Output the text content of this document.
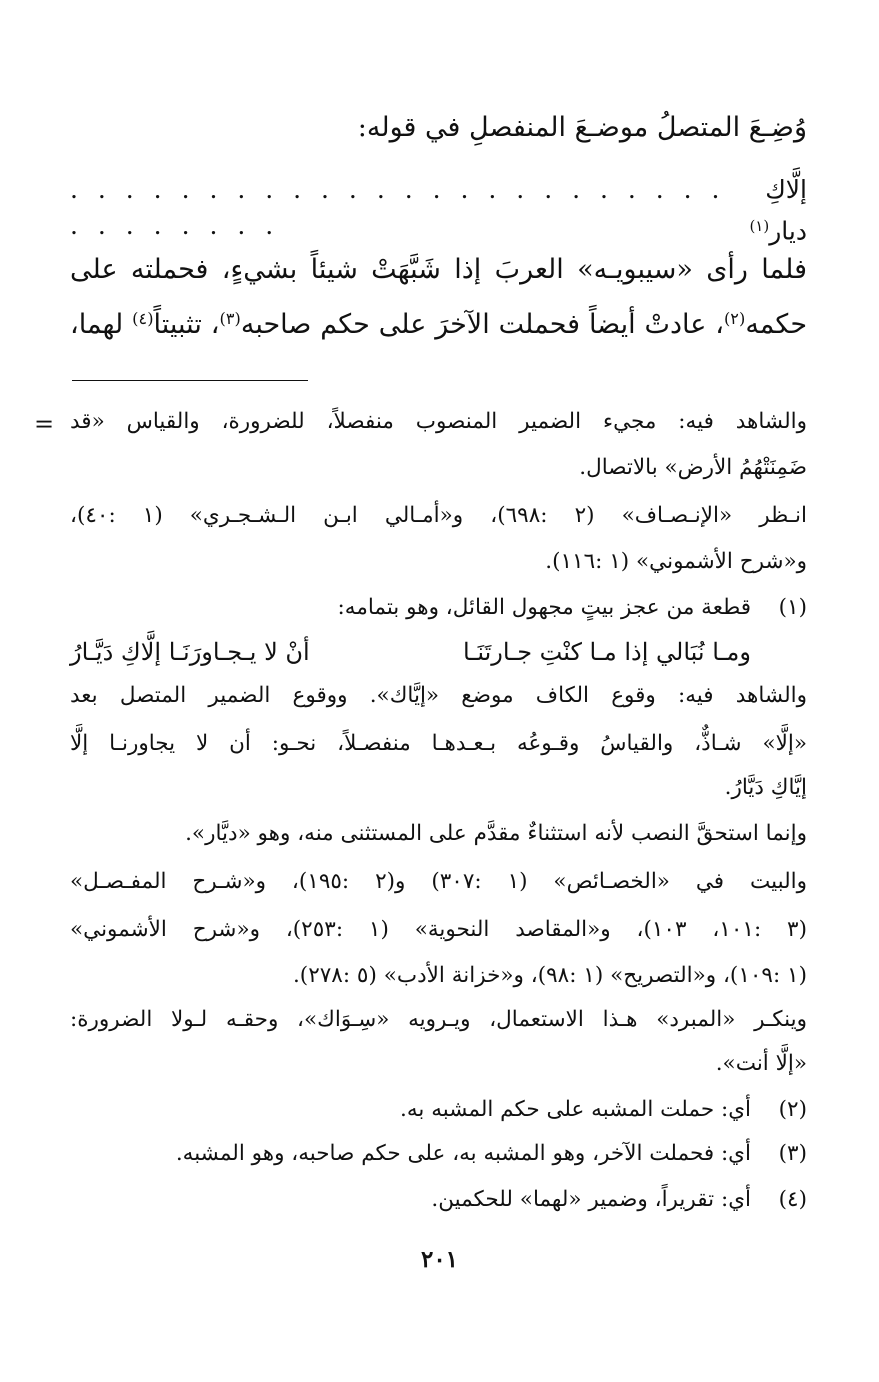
وُضِـعَ المتصلُ موضـعَ المنفصلِ في قوله:

إلَّاكِ ديار$^{(١)}$
. . . . . . . . . . . . . . . . . . . . . . . . . . . . . . . .

فلما رأى «سيبويـه» العربَ إذا شَبَّهَتْ شيئاً بشيءٍ، فحملته على

حكمه$^{(٢)}$، عادتْ أيضاً فحملت الآخرَ على حكم صاحبه$^{(٣)}$، تثبيتاً$^{(٤)}$ لهما،

= والشاهد فيه: مجيء الضمير المنصوب منفصلاً، للضرورة، والقياس «قد

ضَمِنَتْهُمُ الأرض» بالاتصال.

انـظر «الإنـصـاف» (٢ :٦٩٨)، و«أمـالي ابـن الـشـجـري» (١ :٤٠)،

و«شرح الأشموني» (١ :١١٦).

(١)

قطعة من عجز بيتٍ مجهول القائل، وهو بتمامه:

ومـا نُبَالي إذا مـا كنْتِ جـارتَنَـا
أنْ لا يـجـاورَنَـا إلَّاكِ دَيَّـارُ

والشاهد فيه: وقوع الكاف موضع «إيَّاك». ووقوع الضمير المتصل بعد

«إلَّا» شـاذٌّ، والقياسُ وقـوعُه بـعـدهـا منفصـلاً، نحـو: أن لا يجاورنـا إلَّا

إيَّاكِ دَيَّارُ.

وإنما استحقَّ النصب لأنه استثناءٌ مقدَّم على المستثنى منه، وهو «ديَّار».

والبيت في «الخصـائص» (١ :٣٠٧) و(٢ :١٩٥)، و«شـرح المفـصـل»

(٣ :١٠١، ١٠٣)، و«المقاصد النحوية» (١ :٢٥٣)، و«شرح الأشموني»

(١ :١٠٩)، و«التصريح» (١ :٩٨)، و«خزانة الأدب» (٥ :٢٧٨).

وينكـر «المبرد» هـذا الاستعمال، ويـرويه «سِـوَاك»، وحقـه لـولا الضرورة:

«إلَّا أنت».

(٢)

أي: حملت المشبه على حكم المشبه به.

(٣)

أي: فحملت الآخر، وهو المشبه به، على حكم صاحبه، وهو المشبه.

(٤)

أي: تقريراً، وضمير «لهما» للحكمين.

٢٠١
